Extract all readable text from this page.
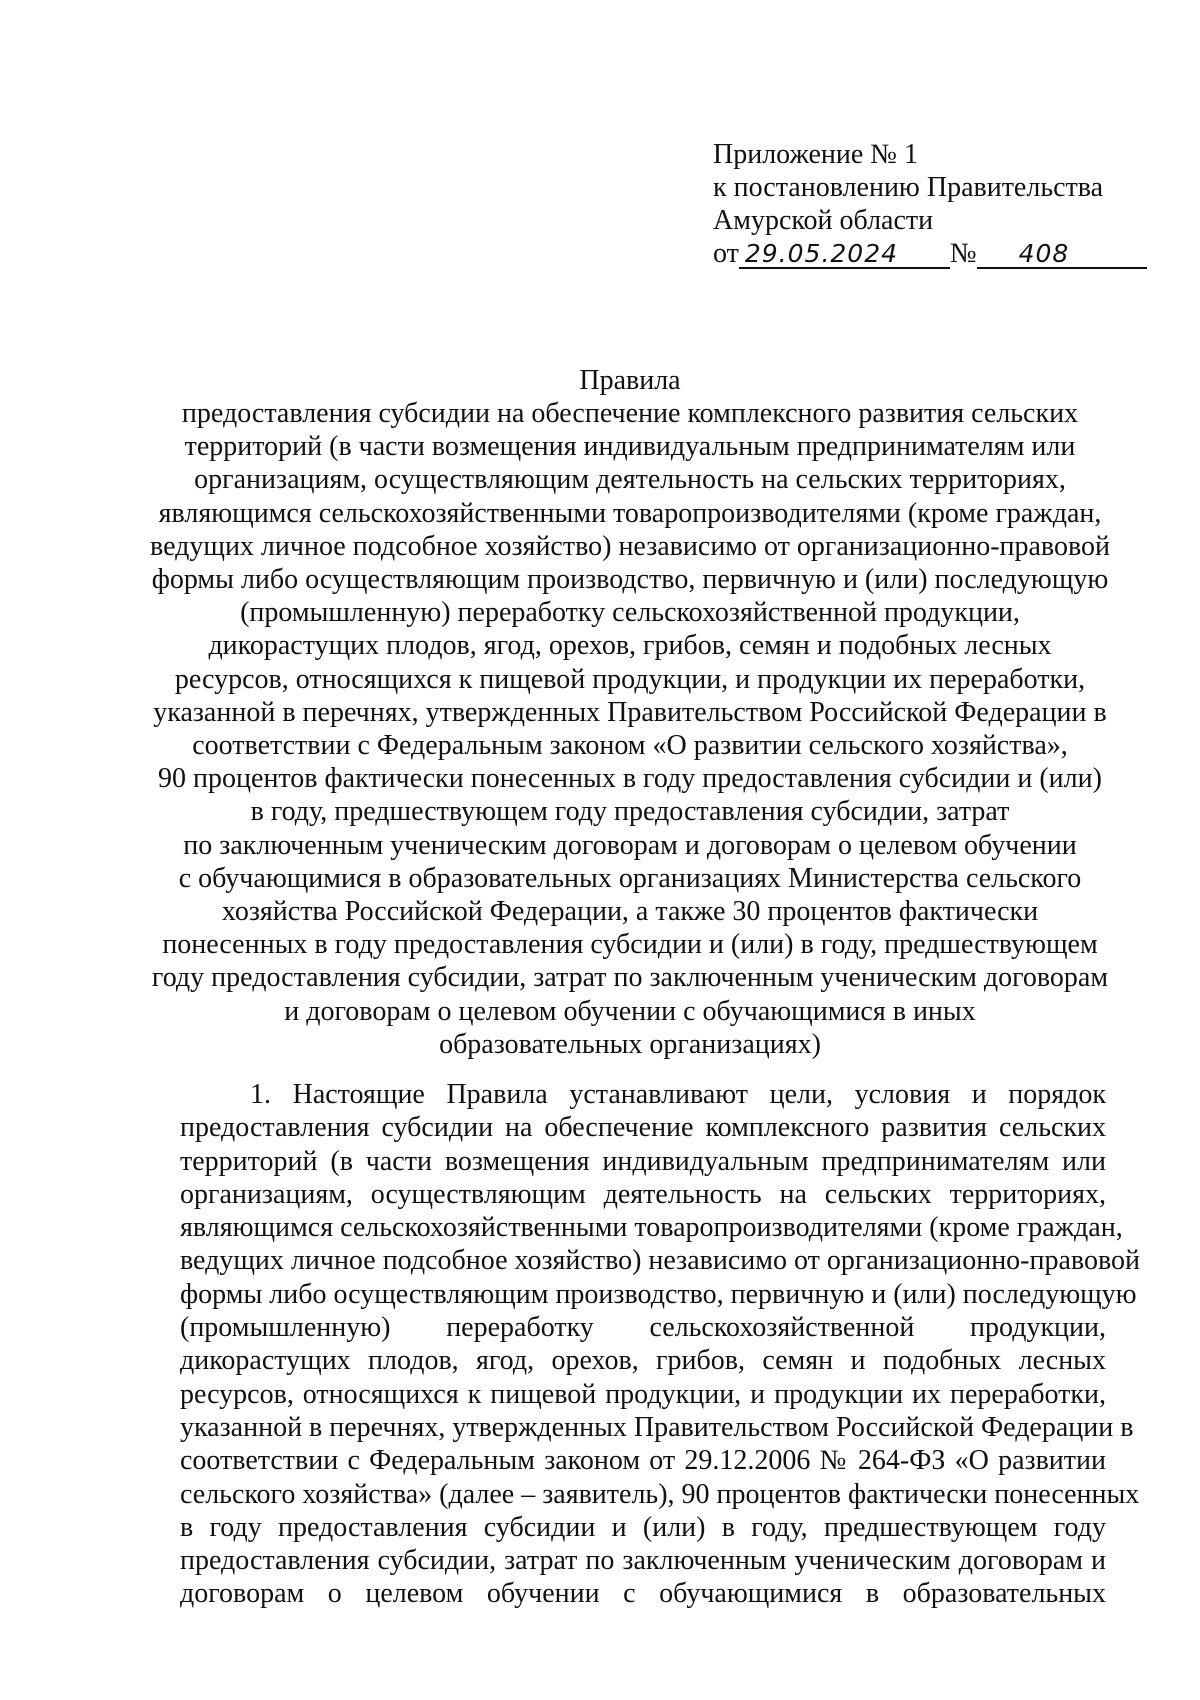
Приложение № 1
к постановлению Правительства
Амурской области
от 29.05.2024 № 408
Правила
предоставления субсидии на обеспечение комплексного развития сельских
территорий (в части возмещения индивидуальным предпринимателям или
организациям, осуществляющим деятельность на сельских территориях,
являющимся сельскохозяйственными товаропроизводителями (кроме граждан,
ведущих личное подсобное хозяйство) независимо от организационно-правовой
формы либо осуществляющим производство, первичную и (или) последующую
(промышленную) переработку сельскохозяйственной продукции,
дикорастущих плодов, ягод, орехов, грибов, семян и подобных лесных
ресурсов, относящихся к пищевой продукции, и продукции их переработки,
указанной в перечнях, утвержденных Правительством Российской Федерации в
соответствии с Федеральным законом «О развитии сельского хозяйства»,
90 процентов фактически понесенных в году предоставления субсидии и (или)
в году, предшествующем году предоставления субсидии, затрат
по заключенным ученическим договорам и договорам о целевом обучении
с обучающимися в образовательных организациях Министерства сельского
хозяйства Российской Федерации, а также 30 процентов фактически
понесенных в году предоставления субсидии и (или) в году, предшествующем
году предоставления субсидии, затрат по заключенным ученическим договорам
и договорам о целевом обучении с обучающимися в иных
образовательных организациях)
1. Настоящие Правила устанавливают цели, условия и порядок
предоставления субсидии на обеспечение комплексного развития сельских
территорий (в части возмещения индивидуальным предпринимателям или
организациям, осуществляющим деятельность на сельских территориях,
являющимся сельскохозяйственными товаропроизводителями (кроме граждан,
ведущих личное подсобное хозяйство) независимо от организационно-правовой
формы либо осуществляющим производство, первичную и (или) последующую
(промышленную) переработку сельскохозяйственной продукции,
дикорастущих плодов, ягод, орехов, грибов, семян и подобных лесных
ресурсов, относящихся к пищевой продукции, и продукции их переработки,
указанной в перечнях, утвержденных Правительством Российской Федерации в
соответствии с Федеральным законом от 29.12.2006 № 264-ФЗ «О развитии
сельского хозяйства» (далее – заявитель), 90 процентов фактически понесенных
в году предоставления субсидии и (или) в году, предшествующем году
предоставления субсидии, затрат по заключенным ученическим договорам и
договорам о целевом обучении с обучающимися в образовательных
